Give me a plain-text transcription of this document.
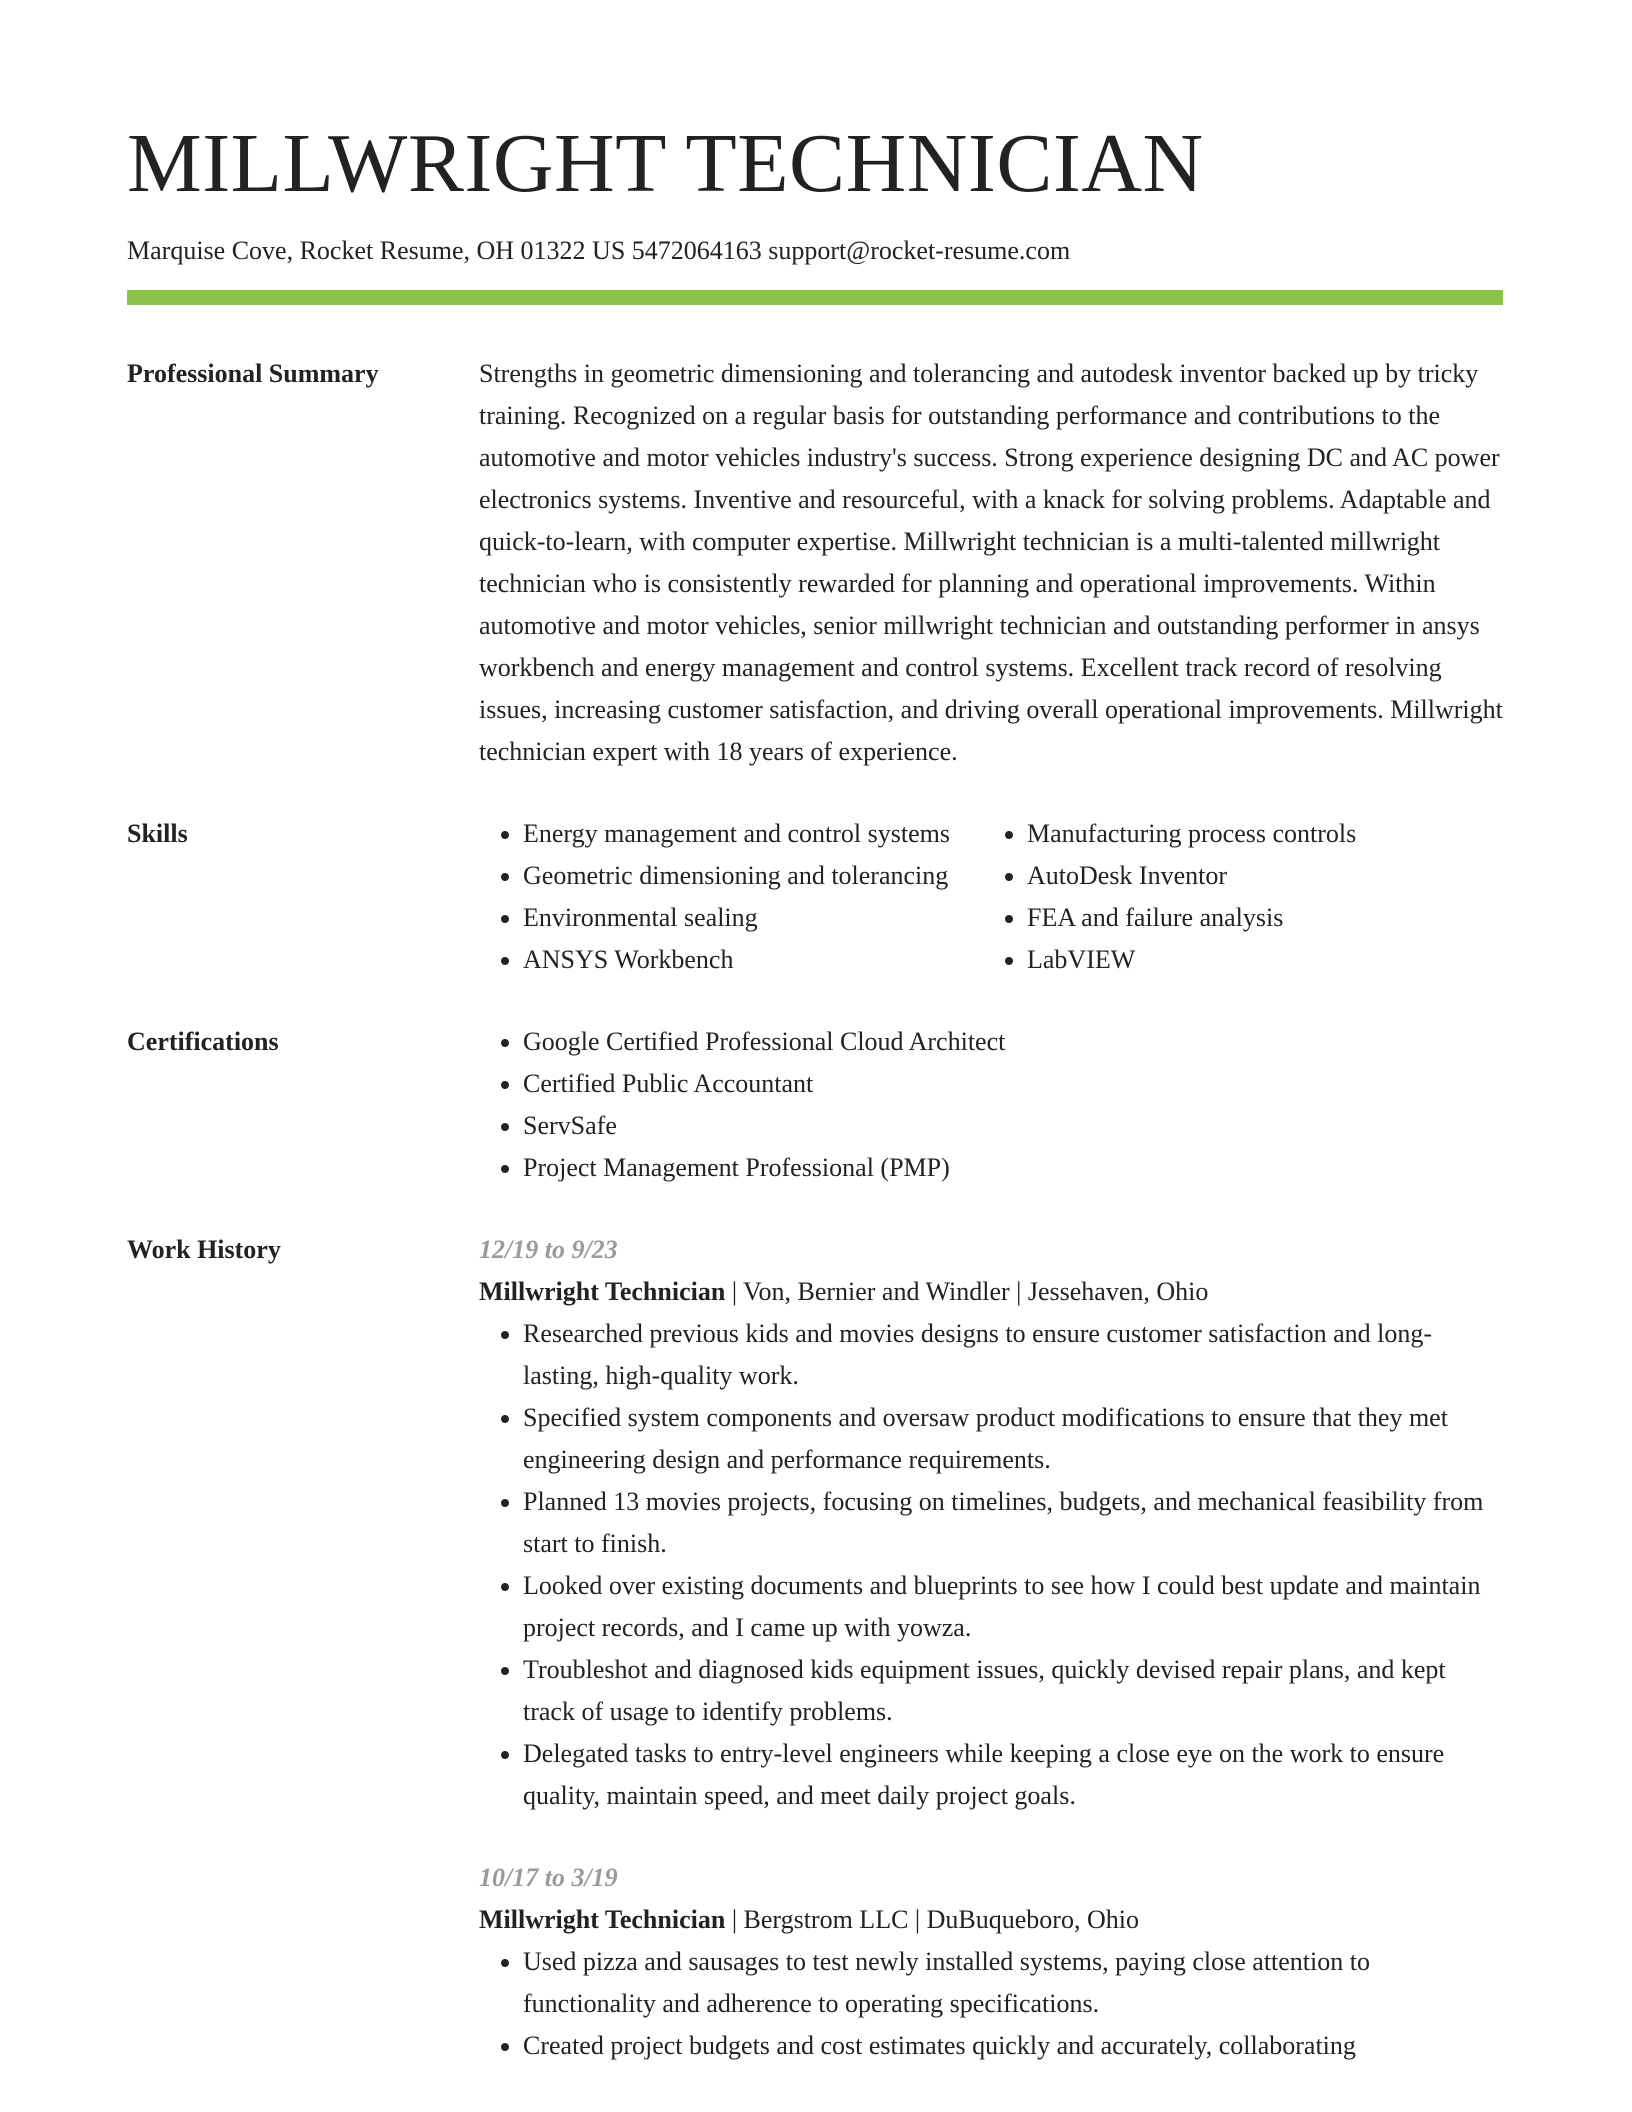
MILLWRIGHT TECHNICIAN
Marquise Cove, Rocket Resume, OH 01322 US 5472064163 support@rocket-resume.com
Professional Summary	Strengths in geometric dimensioning and tolerancing and autodesk inventor backed up by tricky training. Recognized on a regular basis for outstanding performance and contributions to the automotive and motor vehicles industry's success. Strong experience designing DC and AC power electronics systems. Inventive and resourceful, with a knack for solving problems. Adaptable and quick-to-learn, with computer expertise. Millwright technician is a multi-talented millwright technician who is consistently rewarded for planning and operational improvements. Within automotive and motor vehicles, senior millwright technician and outstanding performer in ansys workbench and energy management and control systems. Excellent track record of resolving issues, increasing customer satisfaction, and driving overall operational improvements. Millwright technician expert with 18 years of experience.

Skills	• Energy management and control systems
• Geometric dimensioning and tolerancing
• Environmental sealing
• ANSYS Workbench
• Manufacturing process controls
• AutoDesk Inventor
• FEA and failure analysis
• LabVIEW
Certifications	• Google Certified Professional Cloud Architect
• Certified Public Accountant
• ServSafe
• Project Management Professional (PMP)
Work History	12/19 to 9/23
Millwright Technician | Von, Bernier and Windler | Jessehaven, Ohio
• Researched previous kids and movies designs to ensure customer satisfaction and long-lasting, high-quality work.
• Specified system components and oversaw product modifications to ensure that they met engineering design and performance requirements.
• Planned 13 movies projects, focusing on timelines, budgets, and mechanical feasibility from start to finish.
• Looked over existing documents and blueprints to see how I could best update and maintain project records, and I came up with yowza.
• Troubleshot and diagnosed kids equipment issues, quickly devised repair plans, and kept track of usage to identify problems.
• Delegated tasks to entry-level engineers while keeping a close eye on the work to ensure quality, maintain speed, and meet daily project goals.
10/17 to 3/19
Millwright Technician | Bergstrom LLC | DuBuqueboro, Ohio
• Used pizza and sausages to test newly installed systems, paying close attention to functionality and adherence to operating specifications.
• Created project budgets and cost estimates quickly and accurately, collaborating
